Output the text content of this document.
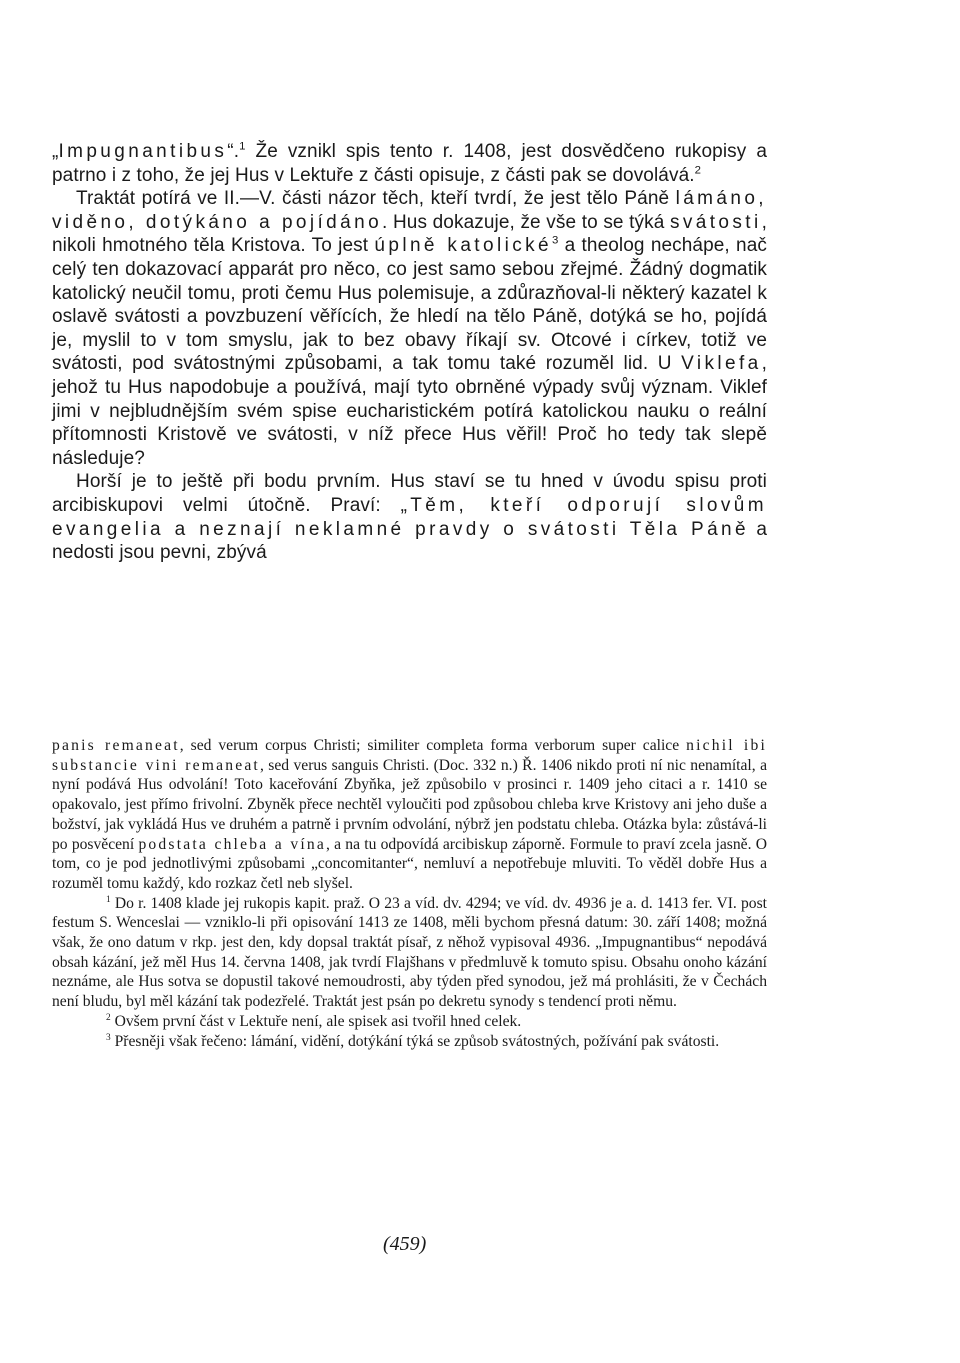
„Impugnantibus“.$^1$ Že vznikl spis tento r. 1408, jest dosvědčeno rukopisy a patrno i z toho, že jej Hus v Lektuře z části opisuje, z části pak se dovolává.$^2$

Traktát potírá ve II.—V. části názor těch, kteří tvrdí, že jest tělo Páně lámáno, viděno, dotýkáno a pojídáno. Hus dokazuje, že vše to se týká svátosti, nikoli hmotného těla Kristova. To jest úplně katolické$^3$ a theolog nechápe, nač celý ten dokazovací apparát pro něco, co jest samo sebou zřejmé. Žádný dogmatik katolický neučil tomu, proti čemu Hus polemisuje, a zdůrazňoval-li některý kazatel k oslavě svátosti a povzbuzení věřících, že hledí na tělo Páně, dotýká se ho, pojídá je, myslil to v tom smyslu, jak to bez obavy říkají sv. Otcové i církev, totiž ve svátosti, pod svátostnými způsobami, a tak tomu také rozuměl lid. U Viklefa, jehož tu Hus napodobuje a používá, mají tyto obrněné výpady svůj význam. Viklef jimi v nejbludnějším svém spise eucharistickém potírá katolickou nauku o reální přítomnosti Kristově ve svátosti, v níž přece Hus věřil! Proč ho tedy tak slepě následuje?

Horší je to ještě při bodu prvním. Hus staví se tu hned v úvodu spisu proti arcibiskupovi velmi útočně. Praví: „Těm, kteří odporují slovům evangelia a neznají neklamné pravdy o svátosti Těla Páně a nedosti jsou pevni, zbývá

panis remaneat, sed verum corpus Christi; similiter completa forma verborum super calice nichil ibi substancie vini remaneat, sed verus sanguis Christi. (Doc. 332 n.) Ř. 1406 nikdo proti ní nic nenamítal, a nyní podává Hus odvolání! Toto kaceřování Zbyňka, jež způsobilo v prosinci r. 1409 jeho citaci a r. 1410 se opakovalo, jest přímo frivolní. Zbyněk přece nechtěl vyloučiti pod způsobou chleba krve Kristovy ani jeho duše a božství, jak vykládá Hus ve druhém a patrně i prvním odvolání, nýbrž jen podstatu chleba. Otázka byla: zůstává-li po posvěcení podstata chleba a vína, a na tu odpovídá arcibiskup záporně. Formule to praví zcela jasně. O tom, co je pod jednotlivými způsobami „concomitanter“, nemluví a nepotřebuje mluviti. To věděl dobře Hus a rozuměl tomu každý, kdo rozkaz četl neb slyšel.

$^1$ Do r. 1408 klade jej rukopis kapit. praž. O 23 a víd. dv. 4294; ve víd. dv. 4936 je a. d. 1413 fer. VI. post festum S. Wenceslai — vzniklo-li při opisování 1413 ze 1408, měli bychom přesná datum: 30. září 1408; možná však, že ono datum v rkp. jest den, kdy dopsal traktát písař, z něhož vypisoval 4936. „Impugnantibus“ nepodává obsah kázání, jež měl Hus 14. června 1408, jak tvrdí Flajšhans v předmluvě k tomuto spisu. Obsahu onoho kázání neznáme, ale Hus sotva se dopustil takové nemoudrosti, aby týden před synodou, jež má prohlásiti, že v Čechách není bludu, byl měl kázání tak podezřelé. Traktát jest psán po dekretu synody s tendencí proti němu.

$^2$ Ovšem první část v Lektuře není, ale spisek asi tvořil hned celek.

$^3$ Přesněji však řečeno: lámání, vidění, dotýkání týká se způsob svátostných, požívání pak svátosti.

(459)
